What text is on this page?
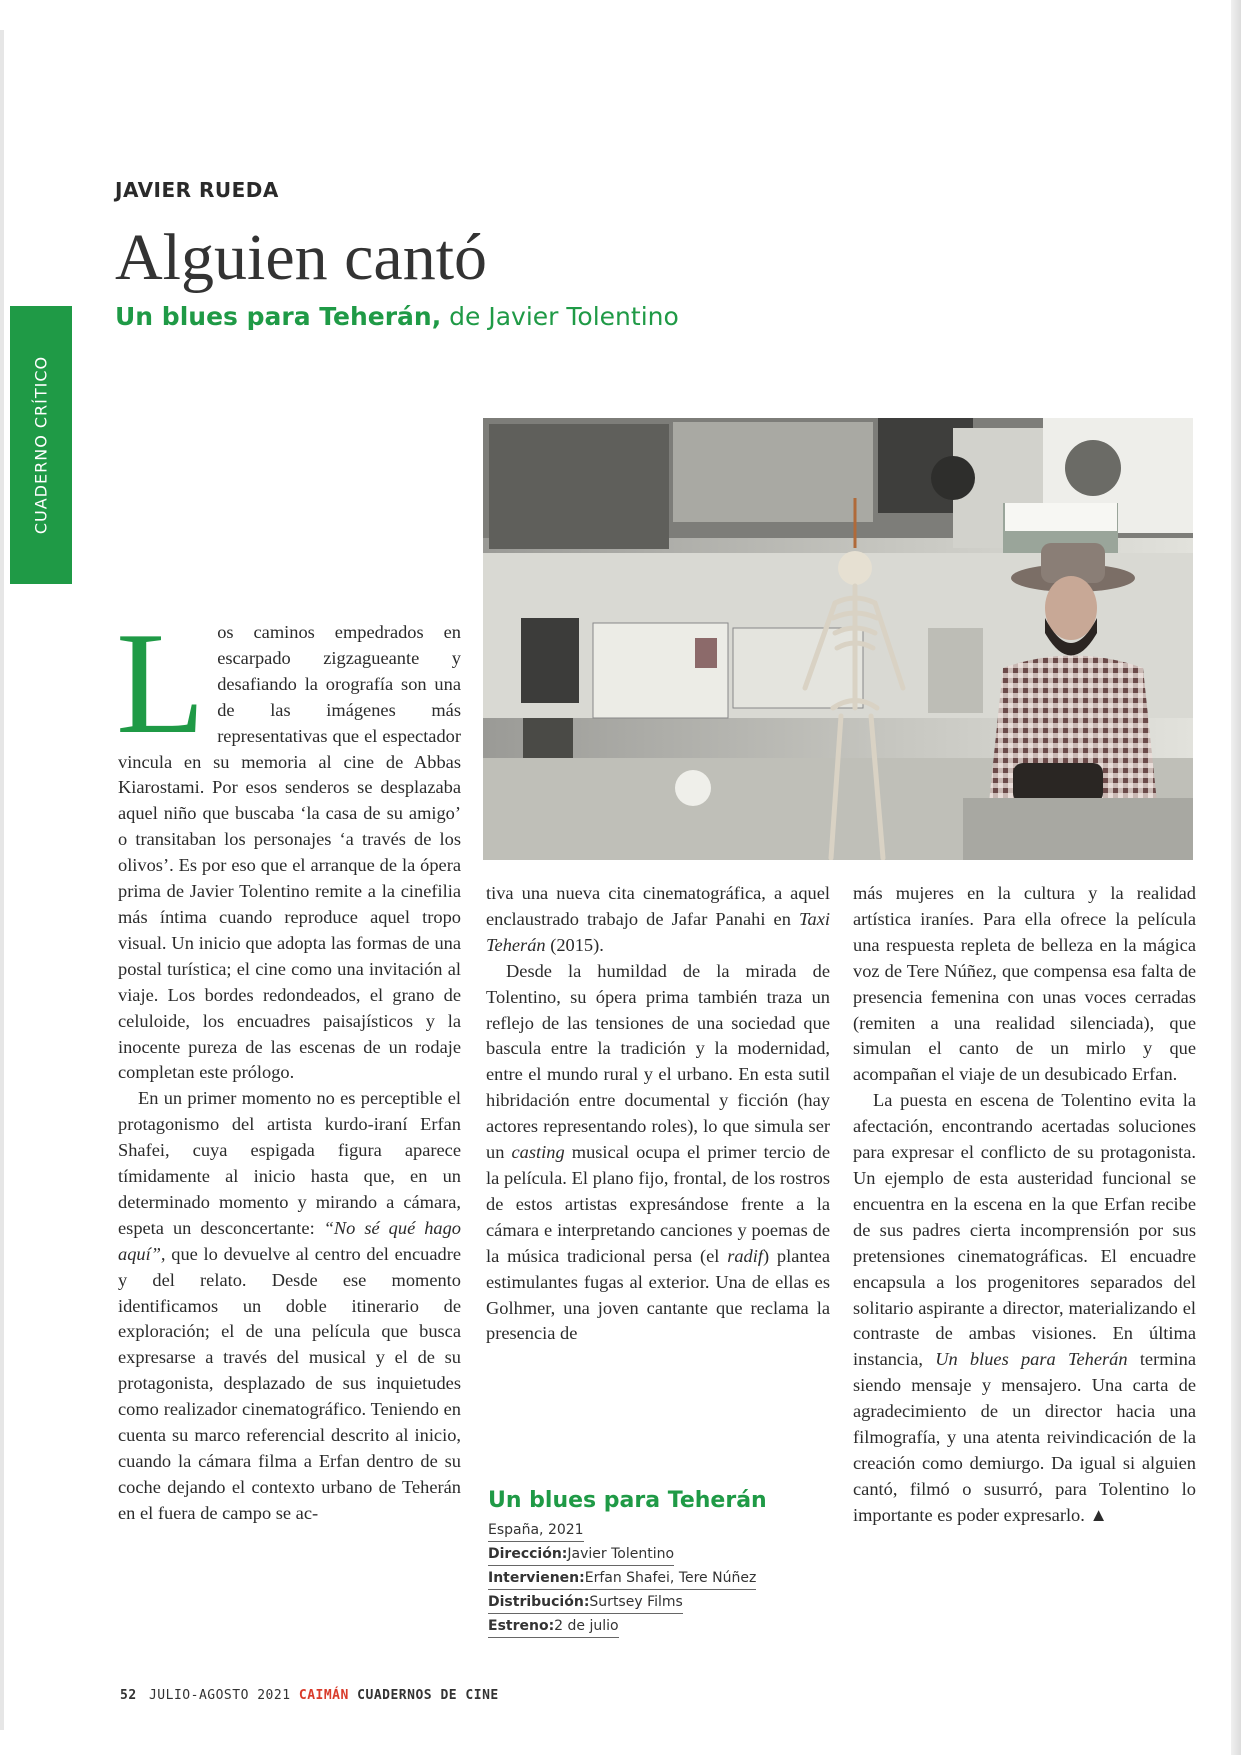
CUADERNO CRÍTICO
JAVIER RUEDA
Alguien cantó
Un blues para Teherán, de Javier Tolentino

Los caminos empedrados en escarpado zigzagueante y desafiando la orografía son una de las imágenes más representativas que el espectador vincula en su memoria al cine de Abbas Kiarostami. Por esos senderos se desplazaba aquel niño que buscaba ‘la casa de su amigo’ o transitaban los personajes ‘a través de los olivos’. Es por eso que el arranque de la ópera prima de Javier Tolentino remite a la cinefilia más íntima cuando reproduce aquel tropo visual. Un inicio que adopta las formas de una postal turística; el cine como una invitación al viaje. Los bordes redondeados, el grano de celuloide, los encuadres paisajísticos y la inocente pureza de las escenas de un rodaje completan este prólogo.

En un primer momento no es perceptible el protagonismo del artista kurdo-iraní Erfan Shafei, cuya espigada figura aparece tímidamente al inicio hasta que, en un determinado momento y mirando a cámara, espeta un desconcertante: “No sé qué hago aquí”, que lo devuelve al centro del encuadre y del relato. Desde ese momento identificamos un doble itinerario de exploración; el de una película que busca expresarse a través del musical y el de su protagonista, desplazado de sus inquietudes como realizador cinematográfico. Teniendo en cuenta su marco referencial descrito al inicio, cuando la cámara filma a Erfan dentro de su coche dejando el contexto urbano de Teherán en el fuera de campo se ac-

tiva una nueva cita cinematográfica, a aquel enclaustrado trabajo de Jafar Panahi en Taxi Teherán (2015).

Desde la humildad de la mirada de Tolentino, su ópera prima también traza un reflejo de las tensiones de una sociedad que bascula entre la tradición y la modernidad, entre el mundo rural y el urbano. En esta sutil hibridación entre documental y ficción (hay actores representando roles), lo que simula ser un casting musical ocupa el primer tercio de la película. El plano fijo, frontal, de los rostros de estos artistas expresándose frente a la cámara e interpretando canciones y poemas de la música tradicional persa (el radif) plantea estimulantes fugas al exterior. Una de ellas es Golhmer, una joven cantante que reclama la presencia de

Un blues para Teherán
España, 2021
Dirección:Javier Tolentino
Intervienen:Erfan Shafei, Tere Núñez
Distribución:Surtsey Films
Estreno:2 de julio

más mujeres en la cultura y la realidad artística iraníes. Para ella ofrece la película una respuesta repleta de belleza en la mágica voz de Tere Núñez, que compensa esa falta de presencia femenina con unas voces cerradas (remiten a una realidad silenciada), que simulan el canto de un mirlo y que acompañan el viaje de un desubicado Erfan.

La puesta en escena de Tolentino evita la afectación, encontrando acertadas soluciones para expresar el conflicto de su protagonista. Un ejemplo de esta austeridad funcional se encuentra en la escena en la que Erfan recibe de sus padres cierta incomprensión por sus pretensiones cinematográficas. El encuadre encapsula a los progenitores separados del solitario aspirante a director, materializando el contraste de ambas visiones. En última instancia, Un blues para Teherán termina siendo mensaje y mensajero. Una carta de agradecimiento de un director hacia una filmografía, y una atenta reivindicación de la creación como demiurgo. Da igual si alguien cantó, filmó o susurró, para Tolentino lo importante es poder expresarlo. ▲

52 JULIO-AGOSTO 2021 CAIMÁN CUADERNOS DE CINE
